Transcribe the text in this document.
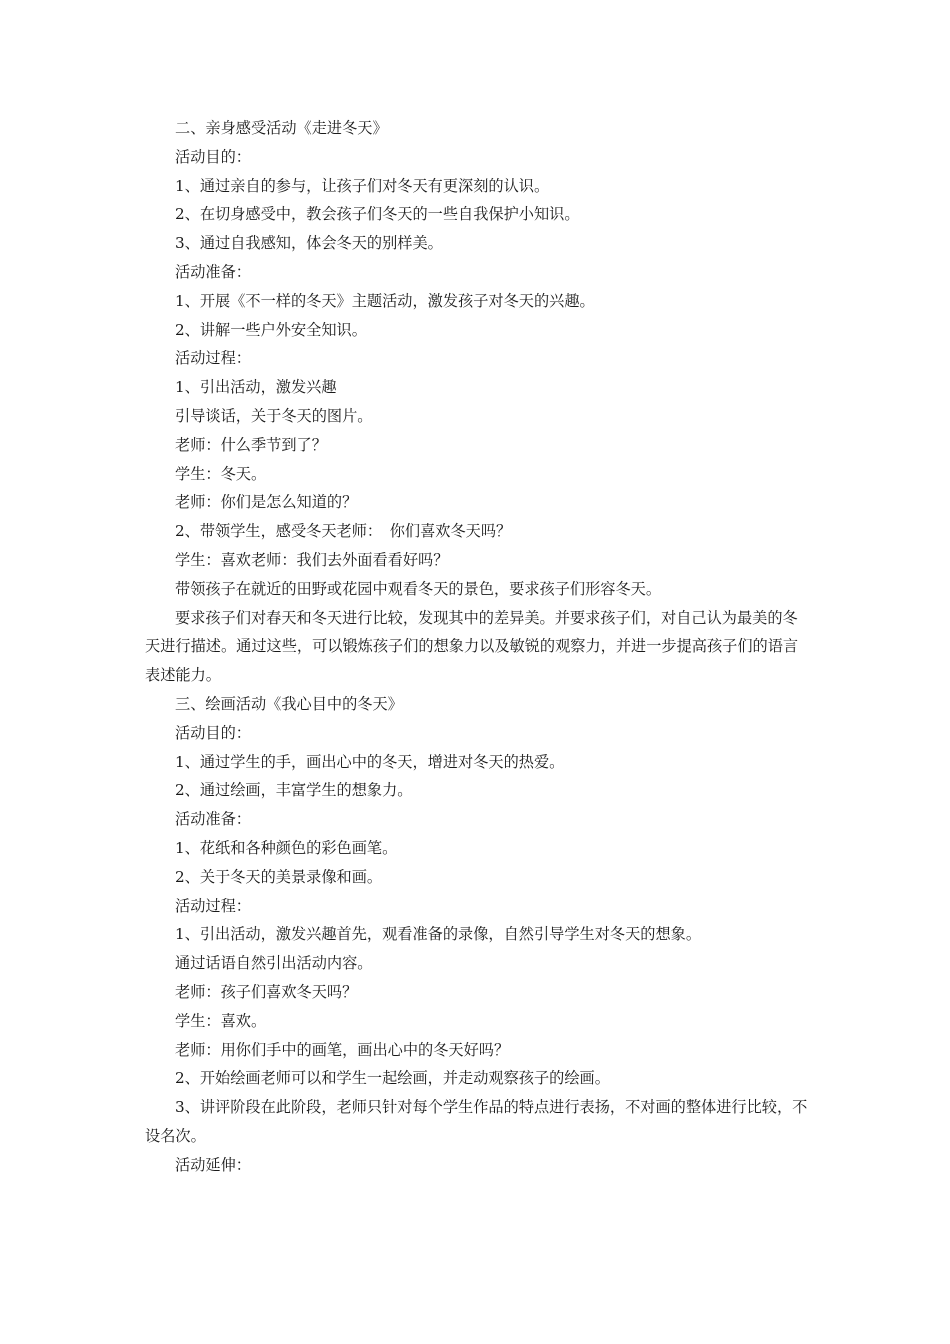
二、亲身感受活动《走进冬天》

活动目的：

1、通过亲自的参与，让孩子们对冬天有更深刻的认识。

2、在切身感受中，教会孩子们冬天的一些自我保护小知识。

3、通过自我感知，体会冬天的别样美。

活动准备：

1、开展《不一样的冬天》主题活动，激发孩子对冬天的兴趣。

2、讲解一些户外安全知识。

活动过程：

1、引出活动，激发兴趣

引导谈话，关于冬天的图片。

老师：什么季节到了？

学生：冬天。

老师：你们是怎么知道的？

2、带领学生，感受冬天老师：　你们喜欢冬天吗？

学生：喜欢老师：我们去外面看看好吗？

带领孩子在就近的田野或花园中观看冬天的景色，要求孩子们形容冬天。

要求孩子们对春天和冬天进行比较，发现其中的差异美。并要求孩子们，对自己认为最美的冬天进行描述。通过这些，可以锻炼孩子们的想象力以及敏锐的观察力，并进一步提高孩子们的语言表述能力。

三、绘画活动《我心目中的冬天》

活动目的：

1、通过学生的手，画出心中的冬天，增进对冬天的热爱。

2、通过绘画，丰富学生的想象力。

活动准备：

1、花纸和各种颜色的彩色画笔。

2、关于冬天的美景录像和画。

活动过程：

1、引出活动，激发兴趣首先，观看准备的录像，自然引导学生对冬天的想象。

通过话语自然引出活动内容。

老师：孩子们喜欢冬天吗？

学生：喜欢。

老师：用你们手中的画笔，画出心中的冬天好吗？

2、开始绘画老师可以和学生一起绘画，并走动观察孩子的绘画。

3、讲评阶段在此阶段，老师只针对每个学生作品的特点进行表扬，不对画的整体进行比较，不设名次。

活动延伸：
